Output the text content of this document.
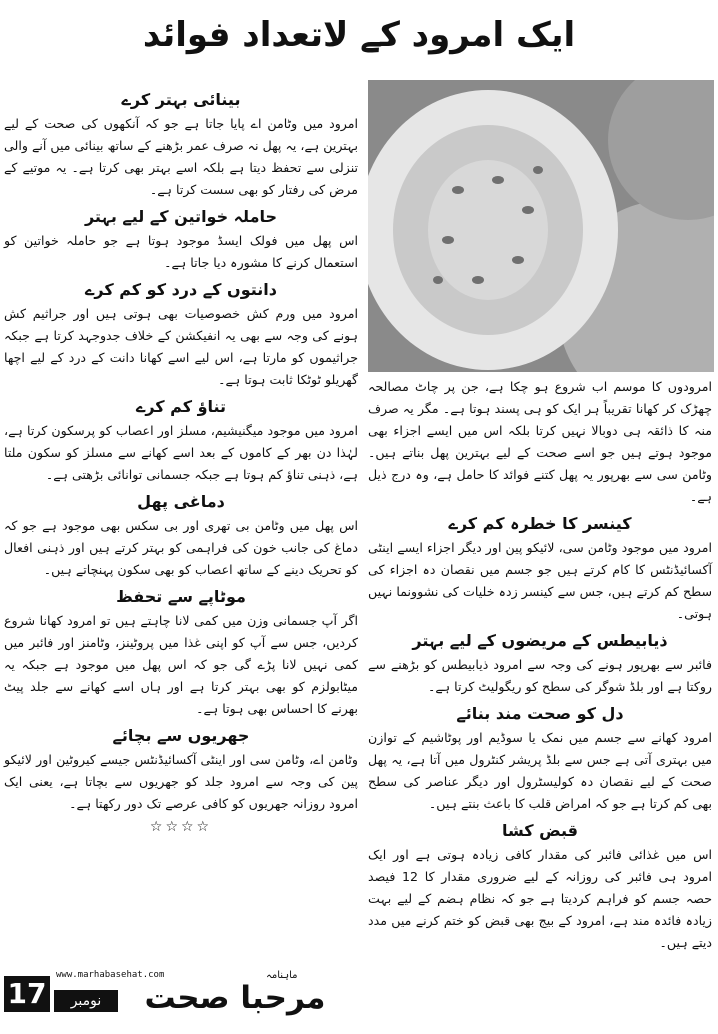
ایک امرود کے لاتعداد فوائد
بینائی بہتر کرے

امرود میں وٹامن اے پایا جاتا ہے جو کہ آنکھوں کی صحت کے لیے بہترین ہے، یہ پھل نہ صرف عمر بڑھنے کے ساتھ بینائی میں آنے والی تنزلی سے تحفظ دیتا ہے بلکہ اسے بہتر بھی کرتا ہے۔ یہ موتیے کے مرض کی رفتار کو بھی سست کرتا ہے۔

حاملہ خواتین کے لیے بہتر

اس پھل میں فولک ایسڈ موجود ہوتا ہے جو حاملہ خواتین کو استعمال کرنے کا مشورہ دیا جاتا ہے۔

دانتوں کے درد کو کم کرے

امرود میں ورم کش خصوصیات بھی ہوتی ہیں اور جراثیم کش ہونے کی وجہ سے بھی یہ انفیکشن کے خلاف جدوجہد کرتا ہے جبکہ جراثیموں کو مارتا ہے، اس لیے اسے کھانا دانت کے درد کے لیے اچھا گھریلو ٹوٹکا ثابت ہوتا ہے۔

تناؤ کم کرے

امرود میں موجود میگنیشیم، مسلز اور اعصاب کو پرسکون کرتا ہے، لہٰذا دن بھر کے کاموں کے بعد اسے کھانے سے مسلز کو سکون ملتا ہے، ذہنی تناؤ کم ہوتا ہے جبکہ جسمانی توانائی بڑھتی ہے۔

دماغی پھل

اس پھل میں وٹامن بی تھری اور بی سکس بھی موجود ہے جو کہ دماغ کی جانب خون کی فراہمی کو بہتر کرتے ہیں اور ذہنی افعال کو تحریک دینے کے ساتھ اعصاب کو بھی سکون پہنچاتے ہیں۔

موٹاپے سے تحفظ

اگر آپ جسمانی وزن میں کمی لانا چاہتے ہیں تو امرود کھانا شروع کردیں، جس سے آپ کو اپنی غذا میں پروٹینز، وٹامنز اور فائبر میں کمی نہیں لانا پڑے گی جو کہ اس پھل میں موجود ہے جبکہ یہ میٹابولزم کو بھی بہتر کرتا ہے اور ہاں اسے کھانے سے جلد پیٹ بھرنے کا احساس بھی ہوتا ہے۔

جھریوں سے بچائے

وٹامن اے، وٹامن سی اور اینٹی آکسائیڈنٹس جیسے کیروٹین اور لائیکو پین کی وجہ سے امرود جلد کو جھریوں سے بچاتا ہے، یعنی ایک امرود روزانہ جھریوں کو کافی عرصے تک دور رکھتا ہے۔

☆☆☆☆

امرودوں کا موسم اب شروع ہو چکا ہے، جن پر چاٹ مصالحہ چھڑک کر کھانا تقریباً ہر ایک کو ہی پسند ہوتا ہے۔ مگر یہ صرف منہ کا ذائقہ ہی دوبالا نہیں کرتا بلکہ اس میں ایسے اجزاء بھی موجود ہوتے ہیں جو اسے صحت کے لیے بہترین پھل بناتے ہیں۔ وٹامن سی سے بھرپور یہ پھل کتنے فوائد کا حامل ہے، وہ درج ذیل ہے۔

کینسر کا خطرہ کم کرے

امرود میں موجود وٹامن سی، لائیکو پین اور دیگر اجزاء ایسے اینٹی آکسائیڈنٹس کا کام کرتے ہیں جو جسم میں نقصان دہ اجزاء کی سطح کم کرتے ہیں، جس سے کینسر زدہ خلیات کی نشوونما نہیں ہوتی۔

ذیابیطس کے مریضوں کے لیے بہتر

فائبر سے بھرپور ہونے کی وجہ سے امرود ذیابیطس کو بڑھنے سے روکتا ہے اور بلڈ شوگر کی سطح کو ریگولیٹ کرتا ہے۔

دل کو صحت مند بنائے

امرود کھانے سے جسم میں نمک یا سوڈیم اور پوٹاشیم کے توازن میں بہتری آتی ہے جس سے بلڈ پریشر کنٹرول میں آتا ہے، یہ پھل صحت کے لیے نقصان دہ کولیسٹرول اور دیگر عناصر کی سطح بھی کم کرتا ہے جو کہ امراض قلب کا باعث بنتے ہیں۔

قبض کشا

اس میں غذائی فائبر کی مقدار کافی زیادہ ہوتی ہے اور ایک امرود ہی فائبر کی روزانہ کے لیے ضروری مقدار کا 12 فیصد حصہ جسم کو فراہم کردیتا ہے جو کہ نظام ہضم کے لیے بہت زیادہ فائدہ مند ہے، امرود کے بیج بھی قبض کو ختم کرنے میں مدد دیتے ہیں۔

17
www.marhabasehat.com
نومبر 2017ء
ماہنامہ
مرحبا صحت
